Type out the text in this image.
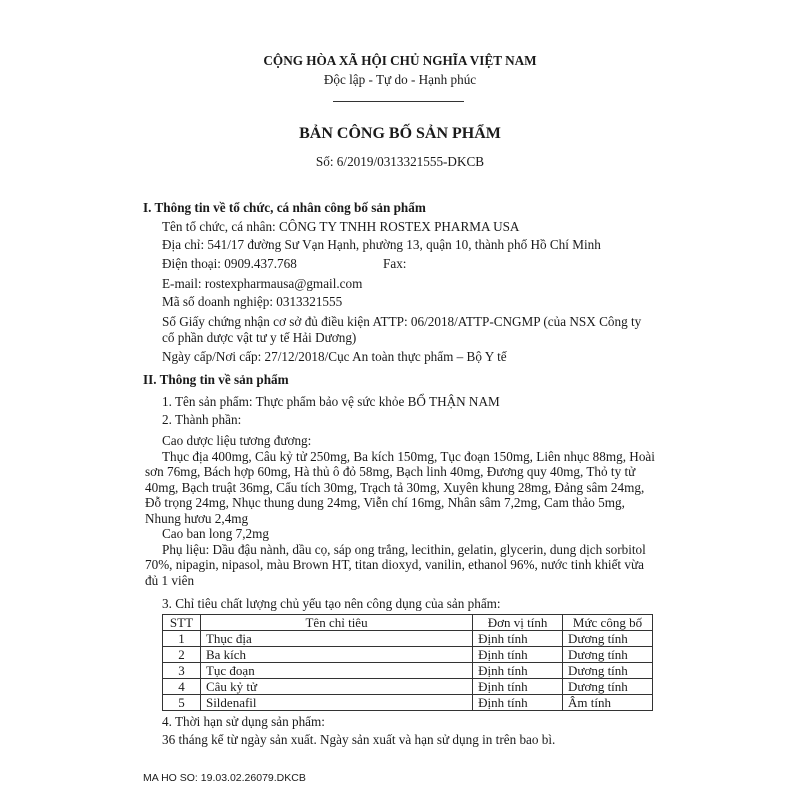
CỘNG HÒA XÃ HỘI CHỦ NGHĨA VIỆT NAM
Độc lập - Tự do - Hạnh phúc
BẢN CÔNG BỐ SẢN PHẨM
Số: 6/2019/0313321555-DKCB
I. Thông tin về tổ chức, cá nhân công bố sản phẩm
Tên tổ chức, cá nhân: CÔNG TY TNHH ROSTEX PHARMA USA
Địa chỉ: 541/17 đường Sư Vạn Hạnh, phường 13, quận 10, thành phố Hồ Chí Minh
Điện thoại: 0909.437.768	Fax:
E-mail: rostexpharmausa@gmail.com
Mã số doanh nghiệp: 0313321555
Số Giấy chứng nhận cơ sở đủ điều kiện ATTP: 06/2018/ATTP-CNGMP (của NSX Công ty
cổ phần dược vật tư y tế Hải Dương)
Ngày cấp/Nơi cấp: 27/12/2018/Cục An toàn thực phẩm – Bộ Y tế
II. Thông tin về sản phẩm
1. Tên sản phẩm: Thực phẩm bảo vệ sức khỏe BỔ THẬN NAM
2. Thành phần:

Cao dược liệu tương đương:

Thục địa 400mg, Câu kỷ tử 250mg, Ba kích 150mg, Tục đoạn 150mg, Liên nhục 88mg, Hoài sơn 76mg, Bách hợp 60mg, Hà thủ ô đỏ 58mg, Bạch linh 40mg, Đương quy 40mg, Thỏ ty tử 40mg, Bạch truật 36mg, Cẩu tích 30mg, Trạch tả 30mg, Xuyên khung 28mg, Đảng sâm 24mg, Đỗ trọng 24mg, Nhục thung dung 24mg, Viễn chí 16mg, Nhân sâm 7,2mg, Cam thảo 5mg, Nhung hươu 2,4mg

Cao ban long 7,2mg

Phụ liệu: Dầu đậu nành, dầu cọ, sáp ong trắng, lecithin, gelatin, glycerin, dung dịch sorbitol 70%, nipagin, nipasol, màu Brown HT, titan dioxyd, vanilin, ethanol 96%, nước tinh khiết vừa đủ 1 viên

3. Chỉ tiêu chất lượng chủ yếu tạo nên công dụng của sản phẩm:
STT	Tên chỉ tiêu	Đơn vị tính	Mức công bố
1	Thục địa	Định tính	Dương tính
2	Ba kích	Định tính	Dương tính
3	Tục đoạn	Định tính	Dương tính
4	Câu kỷ tử	Định tính	Dương tính
5	Sildenafil	Định tính	Âm tính
4. Thời hạn sử dụng sản phẩm:
36 tháng kể từ ngày sản xuất. Ngày sản xuất và hạn sử dụng in trên bao bì.
MA HO SO: 19.03.02.26079.DKCB
